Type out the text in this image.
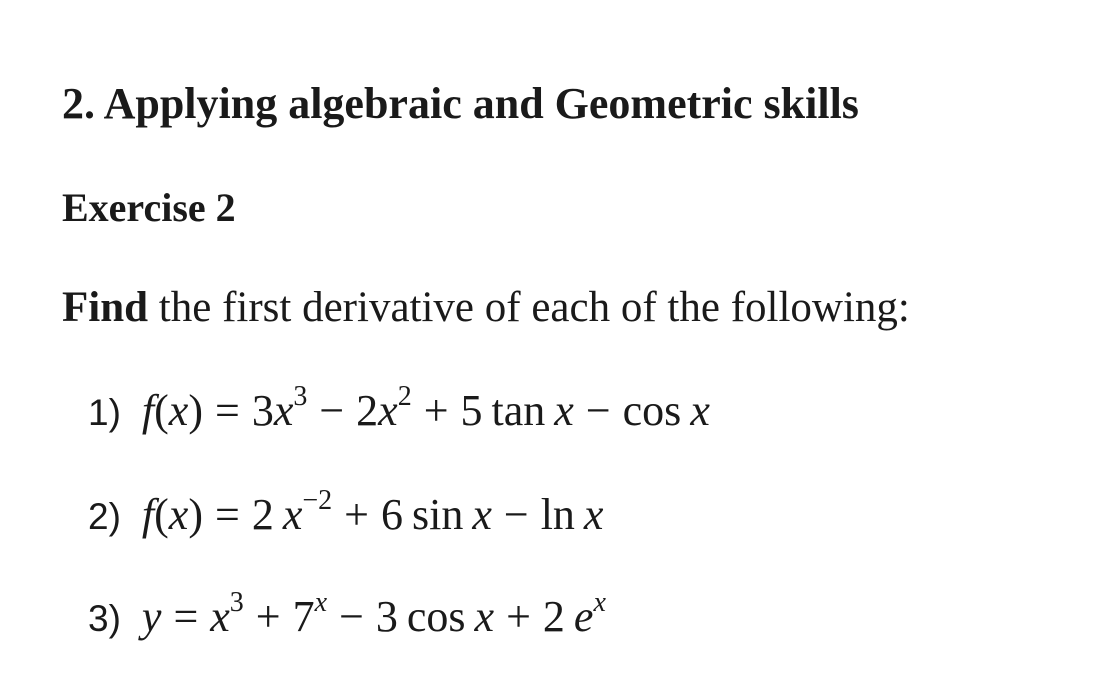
2. Applying algebraic and Geometric skills
Exercise 2
Find the first derivative of each of the following:
1) $f(x) = 3x^3 - 2x^2 + 5$ tan x − cos x
2) f(x) = 2 $x^{-2} + 6$ sin x − ln x
3) $y = x^3 + 7^x - 3$ cos x + 2 $e^x$
